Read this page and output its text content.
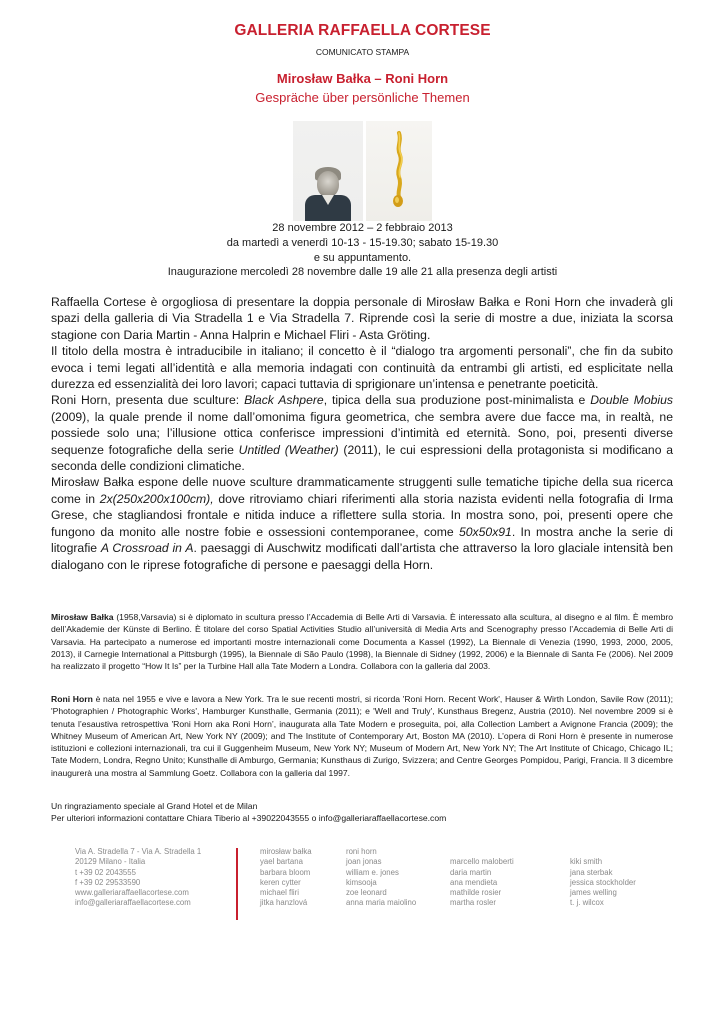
GALLERIA RAFFAELLA CORTESE
COMUNICATO STAMPA
Mirosław Bałka – Roni Horn
Gespräche über persönliche Themen
28 novembre 2012 – 2 febbraio 2013
da martedì a venerdì 10-13 - 15-19.30; sabato 15-19.30
e su appuntamento.
Inaugurazione mercoledì 28 novembre dalle 19 alle 21 alla presenza degli artisti

Raffaella Cortese è orgogliosa di presentare la doppia personale di Mirosław Bałka e Roni Horn che invaderà gli spazi della galleria di Via Stradella 1 e Via Stradella 7. Riprende così la serie di mostre a due, iniziata la scorsa stagione con Daria Martin - Anna Halprin e Michael Fliri - Asta Gröting.

Il titolo della mostra è intraducibile in italiano; il concetto è il “dialogo tra argomenti personali”, che fin da subito evoca i temi legati all’identità e alla memoria indagati con continuità da entrambi gli artisti, ed esplicitate nella durezza ed essenzialità dei loro lavori; capaci tuttavia di sprigionare un’intensa e penetrante poeticità.

Roni Horn, presenta due sculture: Black Ashpere, tipica della sua produzione post-minimalista e Double Mobius (2009), la quale prende il nome dall’omonima figura geometrica, che sembra avere due facce ma, in realtà, ne possiede solo una; l’illusione ottica conferisce impressioni d’intimità ed eternità. Sono, poi, presenti diverse sequenze fotografiche della serie Untitled (Weather) (2011), le cui espressioni della protagonista si modificano a seconda delle condizioni climatiche.

Mirosław Bałka espone delle nuove sculture drammaticamente struggenti sulle tematiche tipiche della sua ricerca come in 2x(250x200x100cm), dove ritroviamo chiari riferimenti alla storia nazista evidenti nella fotografia di Irma Grese, che stagliandosi frontale e nitida induce a riflettere sulla storia. In mostra sono, poi, presenti opere che fungono da monito alle nostre fobie e ossessioni contemporanee, come 50x50x91. In mostra anche la serie di litografie A Crossroad in A. paesaggi di Auschwitz modificati dall’artista che attraverso la loro glaciale intensità ben dialogano con le riprese fotografiche di persone e paesaggi della Horn.

Mirosław Bałka (1958,Varsavia) si è diplomato in scultura presso l’Accademia di Belle Arti di Varsavia. È interessato alla scultura, al disegno e al film. È membro dell’Akademie der Künste di Berlino. È titolare del corso Spatial Activities Studio all’università di Media Arts and Scenography presso l’Accademia di Belle Arti di Varsavia. Ha partecipato a numerose ed importanti mostre internazionali come Documenta a Kassel (1992), La Biennale di Venezia (1990, 1993, 2000, 2005, 2013), il Carnegie International a Pittsburgh (1995), la Biennale di São Paulo (1998), la Biennale di Sidney (1992, 2006) e la Biennale di Santa Fe (2006). Nel 2009 ha realizzato il progetto “How It Is” per la Turbine Hall alla Tate Modern a Londra. Collabora con la galleria dal 2003.

Roni Horn è nata nel 1955 e vive e lavora a New York. Tra le sue recenti mostri, si ricorda 'Roni Horn. Recent Work', Hauser & Wirth London, Savile Row (2011); 'Photographien / Photographic Works', Hamburger Kunsthalle, Germania (2011); e 'Well and Truly', Kunsthaus Bregenz, Austria (2010). Nel novembre 2009 si è tenuta l’esaustiva retrospettiva 'Roni Horn aka Roni Horn’, inaugurata alla Tate Modern e proseguita, poi, alla Collection Lambert a Avignone Francia (2009); the Whitney Museum of American Art, New York NY (2009); and The Institute of Contemporary Art, Boston MA (2010). L’opera di Roni Horn è presente in numerose istituzioni e collezioni internazionali, tra cui il Guggenheim Museum, New York NY; Museum of Modern Art, New York NY; The Art Institute of Chicago, Chicago IL; Tate Modern, Londra, Regno Unito; Kunsthalle di Amburgo, Germania; Kunsthaus di Zurigo, Svizzera; and Centre Georges Pompidou, Parigi, Francia. Il 3 dicembre inaugurerà una mostra al Sammlung Goetz. Collabora con la galleria dal 1997.

Un ringraziamento speciale al Grand Hotel et de Milan
Per ulteriori informazioni contattare Chiara Tiberio al +39022043555 o info@galleriaraffaellacortese.com
Via A. Stradella 7 - Via A. Stradella 1
20129 Milano - Italia
t +39 02 2043555
f +39 02 29533590
www.galleriaraffaellacortese.com
info@galleriaraffaellacortese.com
mirosław bałka
yael bartana
barbara bloom
keren cytter
michael fliri
jitka hanzlová
roni horn
joan jonas
william e. jones
kimsooja
zoe leonard
anna maria maiolino
marcello maloberti
daria martin
ana mendieta
mathilde rosier
martha rosler
kiki smith
jana sterbak
jessica stockholder
james welling
t. j. wilcox
